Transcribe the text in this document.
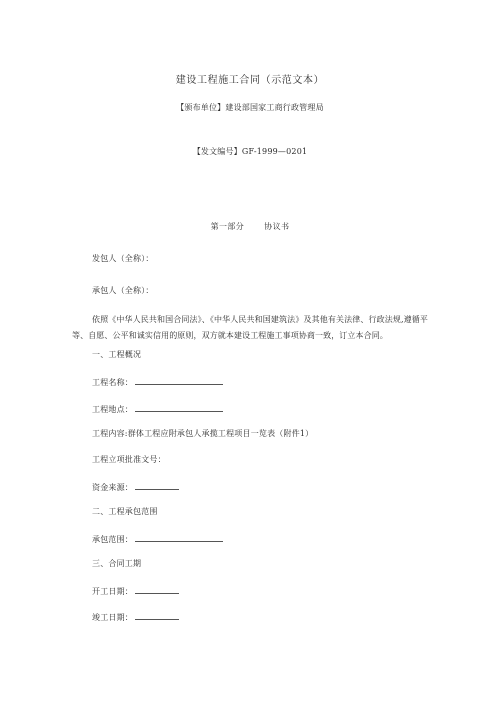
建设工程施工合同（示范文本）
【颁布单位】建设部国家工商行政管理局
【发文编号】GF-1999—0201
第一部分	协议书
发包人（全称）：
承包人（全称）：
依照《中华人民共和国合同法》、《中华人民共和国建筑法》及其他有关法律、行政法规,遵循平等、自愿、公平和诚实信用的原则，双方就本建设工程施工事项协商一致，订立本合同。
一、工程概况
工程名称：
工程地点：
工程内容:群体工程应附承包人承揽工程项目一览表（附件1）
工程立项批准文号：
资金来源：
二、工程承包范围
承包范围：
三、合同工期
开工日期：
竣工日期：
